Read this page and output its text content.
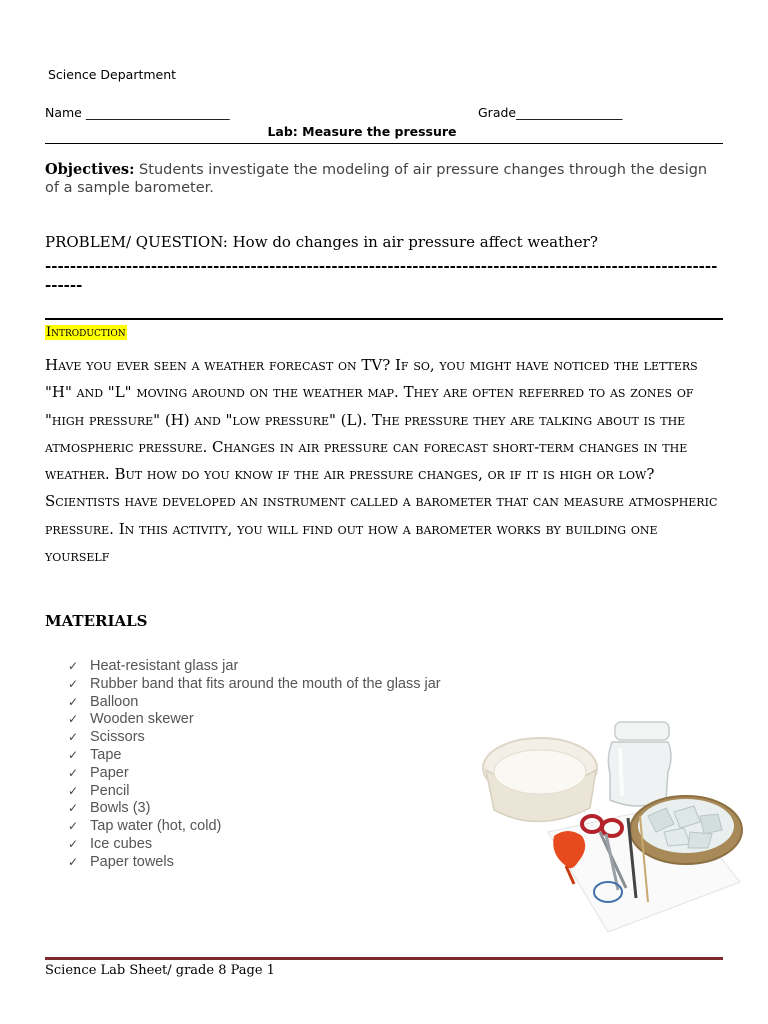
Science Department
Name _______________________	Grade_________________
Lab: Measure the pressure
Objectives: Students investigate the modeling of air pressure changes through the design of a sample barometer.
PROBLEM/ QUESTION: How do changes in air pressure affect weather?
------------------------------------------------------------------------------------------------------------------
Introduction
Have you ever seen a weather forecast on TV? If so, you might have noticed the letters "H" and "L" moving around on the weather map. They are often referred to as zones of "high pressure" (H) and "low pressure" (L). The pressure they are talking about is the atmospheric pressure. Changes in air pressure can forecast short-term changes in the weather. But how do you know if the air pressure changes, or if it is high or low? Scientists have developed an instrument called a barometer that can measure atmospheric pressure. In this activity, you will find out how a barometer works by building one yourself
MATERIALS
✓ Heat-resistant glass jar
✓ Rubber band that fits around the mouth of the glass jar
✓ Balloon
✓ Wooden skewer
✓ Scissors
✓ Tape
✓ Paper
✓ Pencil
✓ Bowls (3)
✓ Tap water (hot, cold)
✓ Ice cubes
✓ Paper towels
Science Lab Sheet/ grade 8 Page 1
